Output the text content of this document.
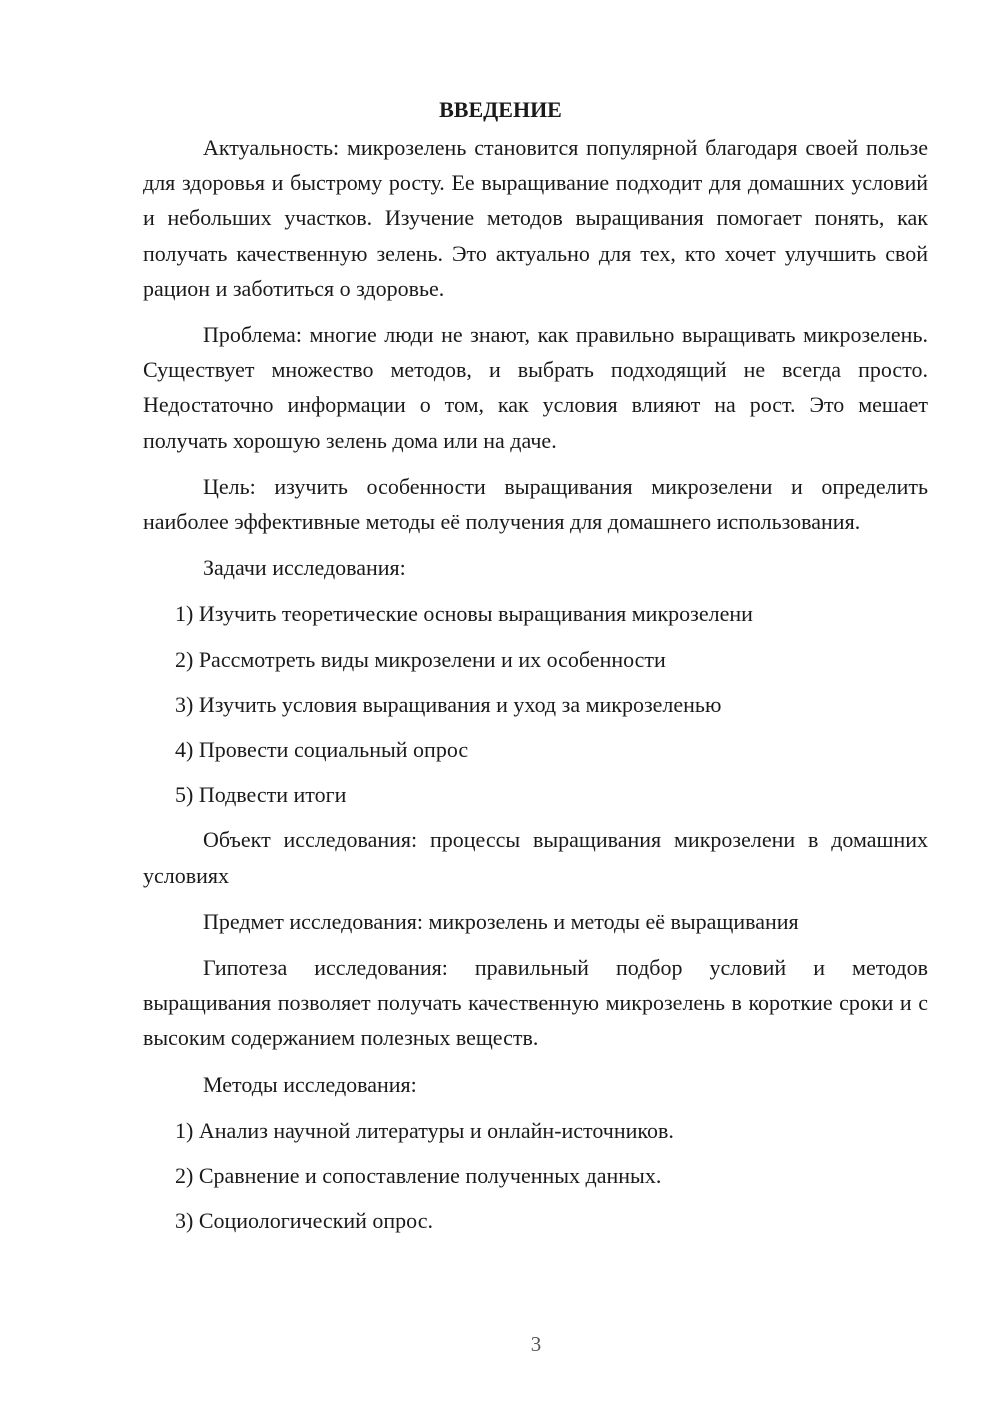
ВВЕДЕНИЕ

Актуальность: микрозелень становится популярной благодаря своей пользе для здоровья и быстрому росту. Ее выращивание подходит для домашних условий и небольших участков. Изучение методов выращивания помогает понять, как получать качественную зелень. Это актуально для тех, кто хочет улучшить свой рацион и заботиться о здоровье.

Проблема: многие люди не знают, как правильно выращивать микрозелень. Существует множество методов, и выбрать подходящий не всегда просто. Недостаточно информации о том, как условия влияют на рост. Это мешает получать хорошую зелень дома или на даче.

Цель: изучить особенности выращивания микрозелени и определить наиболее эффективные методы её получения для домашнего использования.

Задачи исследования:

1) Изучить теоретические основы выращивания микрозелени

2) Рассмотреть виды микрозелени и их особенности

3) Изучить условия выращивания и уход за микрозеленью

4) Провести социальный опрос

5) Подвести итоги

Объект исследования: процессы выращивания микрозелени в домашних условиях

Предмет исследования: микрозелень и методы её выращивания

Гипотеза исследования: правильный подбор условий и методов выращивания позволяет получать качественную микрозелень в короткие сроки и с высоким содержанием полезных веществ.

Методы исследования:

1) Анализ научной литературы и онлайн-источников.

2) Сравнение и сопоставление полученных данных.

3) Социологический опрос.

3
